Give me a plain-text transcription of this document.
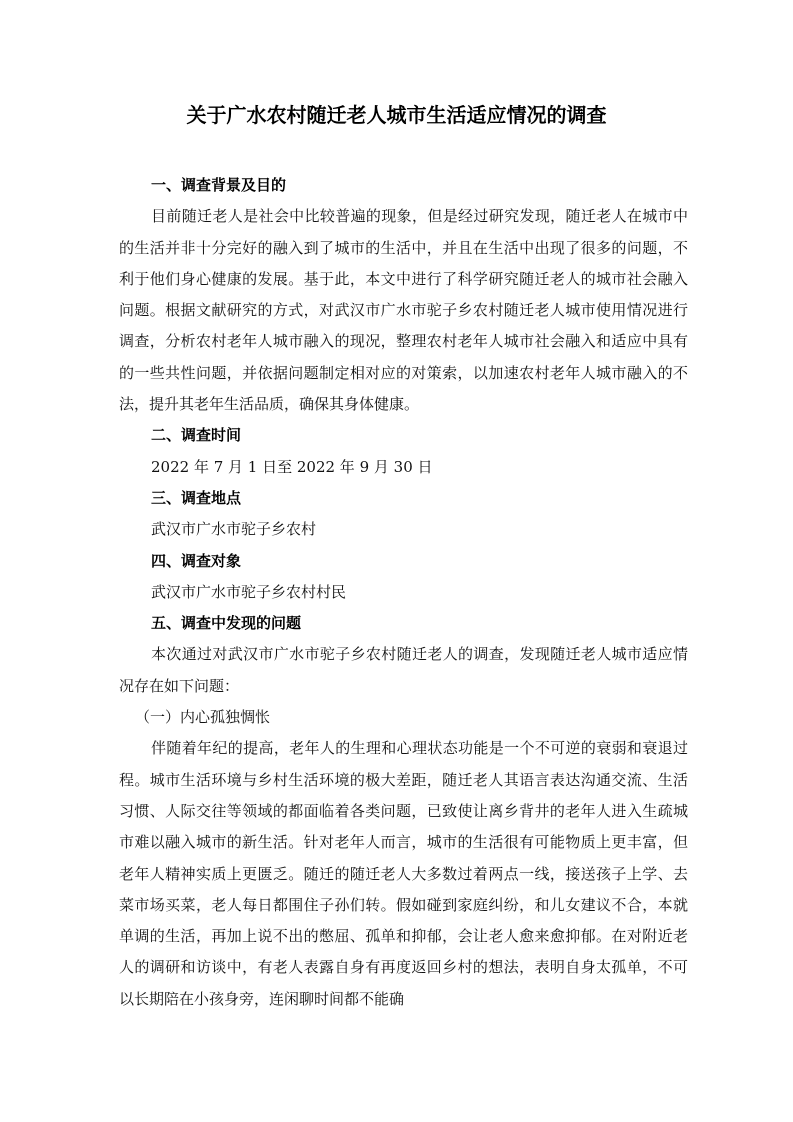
关于广水农村随迁老人城市生活适应情况的调查

一、调查背景及目的

目前随迁老人是社会中比较普遍的现象，但是经过研究发现，随迁老人在城市中的生活并非十分完好的融入到了城市的生活中，并且在生活中出现了很多的问题，不利于他们身心健康的发展。基于此，本文中进行了科学研究随迁老人的城市社会融入问题。根据文献研究的方式，对武汉市广水市驼子乡农村随迁老人城市使用情况进行调查，分析农村老年人城市融入的现况，整理农村老年人城市社会融入和适应中具有的一些共性问题，并依据问题制定相对应的对策索，以加速农村老年人城市融入的不法，提升其老年生活品质，确保其身体健康。

二、调查时间

2022 年 7 月 1 日至 2022 年 9 月 30 日

三、调查地点

武汉市广水市驼子乡农村

四、调查对象

武汉市广水市驼子乡农村村民

五、调查中发现的问题

本次通过对武汉市广水市驼子乡农村随迁老人的调查，发现随迁老人城市适应情况存在如下问题：

（一）内心孤独惆怅

伴随着年纪的提高，老年人的生理和心理状态功能是一个不可逆的衰弱和衰退过程。城市生活环境与乡村生活环境的极大差距，随迁老人其语言表达沟通交流、生活习惯、人际交往等领域的都面临着各类问题，已致使让离乡背井的老年人进入生疏城市难以融入城市的新生活。针对老年人而言，城市的生活很有可能物质上更丰富，但老年人精神实质上更匮乏。随迁的随迁老人大多数过着两点一线，接送孩子上学、去菜市场买菜，老人每日都围住子孙们转。假如碰到家庭纠纷，和儿女建议不合，本就单调的生活，再加上说不出的憋屈、孤单和抑郁，会让老人愈来愈抑郁。在对附近老人的调研和访谈中，有老人表露自身有再度返回乡村的想法，表明自身太孤单，不可以长期陪在小孩身旁，连闲聊时间都不能确
